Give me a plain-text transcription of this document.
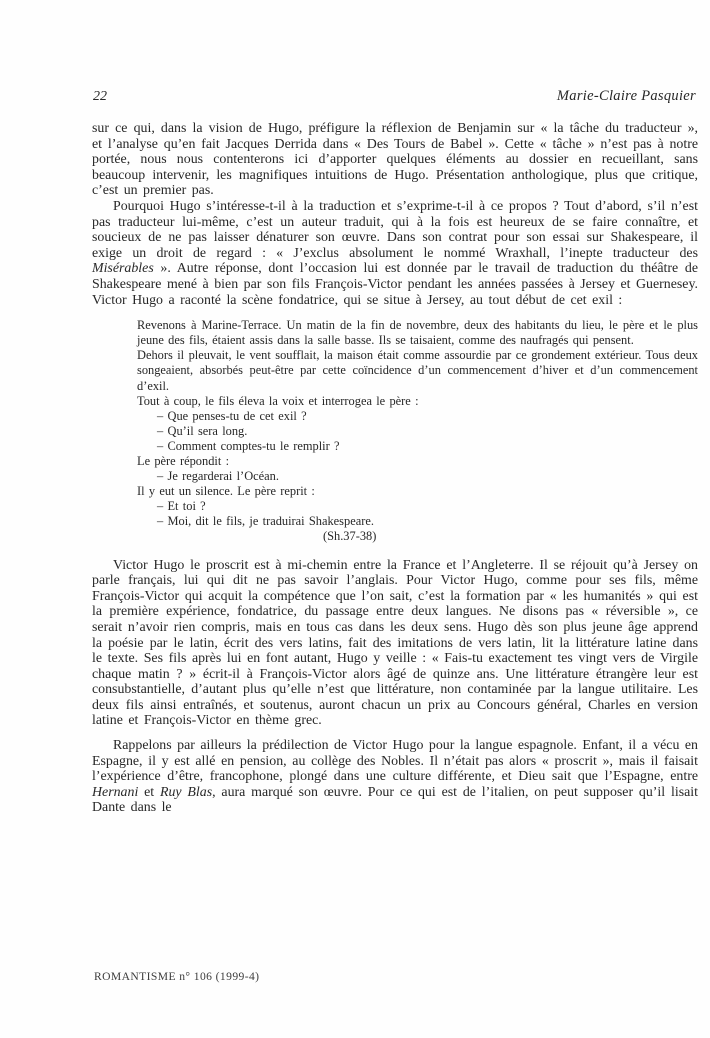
22	Marie-Claire Pasquier

sur ce qui, dans la vision de Hugo, préfigure la réflexion de Benjamin sur « la tâche du traducteur », et l’analyse qu’en fait Jacques Derrida dans « Des Tours de Babel ». Cette « tâche » n’est pas à notre portée, nous nous contenterons ici d’apporter quelques éléments au dossier en recueillant, sans beaucoup intervenir, les magnifiques intuitions de Hugo. Présentation anthologique, plus que critique, c’est un premier pas.

Pourquoi Hugo s’intéresse-t-il à la traduction et s’exprime-t-il à ce propos ? Tout d’abord, s’il n’est pas traducteur lui-même, c’est un auteur traduit, qui à la fois est heureux de se faire connaître, et soucieux de ne pas laisser dénaturer son œuvre. Dans son contrat pour son essai sur Shakespeare, il exige un droit de regard : « J’exclus absolument le nommé Wraxhall, l’inepte traducteur des Misérables ». Autre réponse, dont l’occasion lui est donnée par le travail de traduction du théâtre de Shakespeare mené à bien par son fils François-Victor pendant les années passées à Jersey et Guernesey. Victor Hugo a raconté la scène fondatrice, qui se situe à Jersey, au tout début de cet exil :

Revenons à Marine-Terrace. Un matin de la fin de novembre, deux des habitants du lieu, le père et le plus jeune des fils, étaient assis dans la salle basse. Ils se taisaient, comme des naufragés qui pensent.
Dehors il pleuvait, le vent soufflait, la maison était comme assourdie par ce grondement extérieur. Tous deux songeaient, absorbés peut-être par cette coïncidence d’un commencement d’hiver et d’un commencement d’exil.
Tout à coup, le fils éleva la voix et interrogea le père :
– Que penses-tu de cet exil ?
– Qu’il sera long.
– Comment comptes-tu le remplir ?
Le père répondit :
– Je regarderai l’Océan.
Il y eut un silence. Le père reprit :
– Et toi ?
– Moi, dit le fils, je traduirai Shakespeare.
(Sh.37-38)

Victor Hugo le proscrit est à mi-chemin entre la France et l’Angleterre. Il se réjouit qu’à Jersey on parle français, lui qui dit ne pas savoir l’anglais. Pour Victor Hugo, comme pour ses fils, même François-Victor qui acquit la compétence que l’on sait, c’est la formation par « les humanités » qui est la première expérience, fondatrice, du passage entre deux langues. Ne disons pas « réversible », ce serait n’avoir rien compris, mais en tous cas dans les deux sens. Hugo dès son plus jeune âge apprend la poésie par le latin, écrit des vers latins, fait des imitations de vers latin, lit la littérature latine dans le texte. Ses fils après lui en font autant, Hugo y veille : « Fais-tu exactement tes vingt vers de Virgile chaque matin ? » écrit-il à François-Victor alors âgé de quinze ans. Une littérature étrangère leur est consubstantielle, d’autant plus qu’elle n’est que littérature, non contaminée par la langue utilitaire. Les deux fils ainsi entraînés, et soutenus, auront chacun un prix au Concours général, Charles en version latine et François-Victor en thème grec.

Rappelons par ailleurs la prédilection de Victor Hugo pour la langue espagnole. Enfant, il a vécu en Espagne, il y est allé en pension, au collège des Nobles. Il n’était pas alors « proscrit », mais il faisait l’expérience d’être, francophone, plongé dans une culture différente, et Dieu sait que l’Espagne, entre Hernani et Ruy Blas, aura marqué son œuvre. Pour ce qui est de l’italien, on peut supposer qu’il lisait Dante dans le

ROMANTISME n° 106 (1999-4)
